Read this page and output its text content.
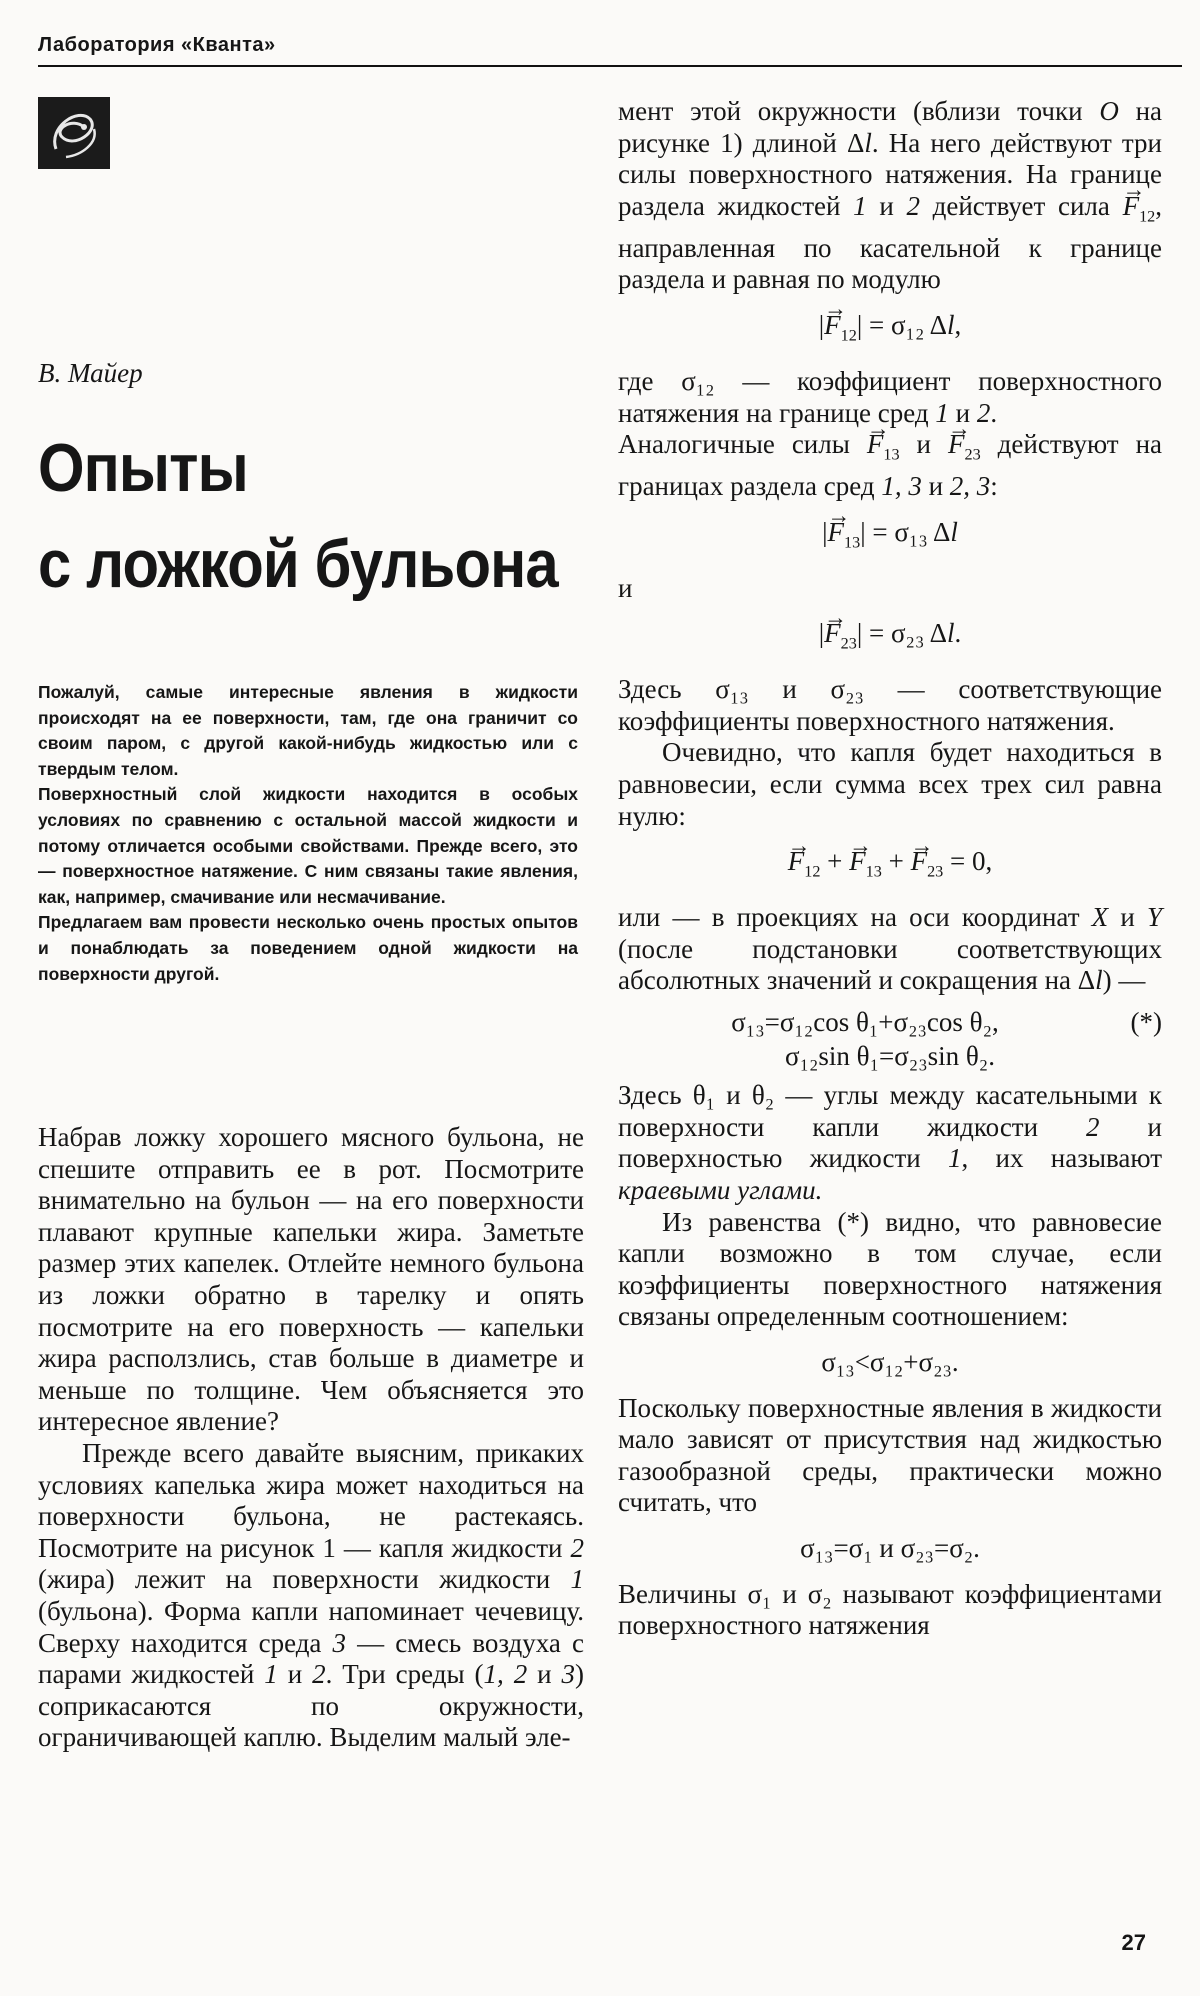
Лаборатория «Кванта»
В. Майер
Опыты
с ложкой бульона

Пожалуй, самые интересные явления в жидкости происходят на ее поверхности, там, где она граничит со своим паром, с другой какой-нибудь жидкостью или с твердым телом.

Поверхностный слой жидкости находится в особых условиях по сравнению с остальной массой жидкости и потому отличается особыми свойствами. Прежде всего, это — поверхностное натяжение. С ним связаны такие явления, как, например, смачивание или несмачивание.

Предлагаем вам провести несколько очень простых опытов и понаблюдать за поведением одной жидкости на поверхности другой.

Набрав ложку хорошего мясного бульона, не спешите отправить ее в рот. Посмотрите внимательно на бульон — на его поверхности плавают крупные капельки жира. Заметьте размер этих капелек. Отлейте немного бульона из ложки обратно в тарелку и опять посмотрите на его поверхность — капельки жира расползлись, став больше в диаметре и меньше по толщине. Чем объясняется это интересное явление?

Прежде всего давайте выясним, прикаких условиях капелька жира может находиться на поверхности бульона, не растекаясь. Посмотрите на рисунок 1 — капля жидкости 2 (жира) лежит на поверхности жидкости 1 (бульона). Форма капли напоминает чечевицу. Сверху находится среда 3 — смесь воздуха с парами жидкостей 1 и 2. Три среды (1, 2 и 3) соприкасаются по окружности, ограничивающей каплю. Выделим малый эле-

мент этой окружности (вблизи точки O на рисунке 1) длиной Δl. На него действуют три силы поверхностного натяжения. На границе раздела жидкостей 1 и 2 действует сила → $F_{12}$, направленная по касательной к границе раздела и равная по модулю

|→ $F_{12}| = \sigma_{12}$ Δl,

где σ₁₂ — коэффициент поверхностного натяжения на границе сред 1 и 2.

Аналогичные силы → $F_{13}$ $и \to F_{23}$ действуют на границах раздела сред 1, 3 и 2, 3:

|→ $F_{13}| = \sigma_{13}$ Δl

и

|→ $F_{23}| = \sigma_{23}$ Δl.

Здесь σ₁₃ и σ₂₃ — соответствующие коэффициенты поверхностного натяжения.

Очевидно, что капля будет находиться в равновесии, если сумма всех трех сил равна нулю:

→ $F_{12}$ + → $F_{13}$ + → $F_{23} = 0$,

или — в проекциях на оси координат X и Y (после подстановки соответствующих абсолютных значений и сокращения на Δl) —

σ₁₃=σ₁₂cos θ₁+σ₂₃cos θ₂,	(*)
σ₁₂sin θ₁=σ₂₃sin θ₂.

Здесь θ₁ и θ₂ — углы между касательными к поверхности капли жидкости 2 и поверхностью жидкости 1, их называют краевыми углами.

Из равенства (*) видно, что равновесие капли возможно в том случае, если коэффициенты поверхностного натяжения связаны определенным соотношением:

σ₁₃<σ₁₂+σ₂₃.

Поскольку поверхностные явления в жидкости мало зависят от присутствия над жидкостью газообразной среды, практически можно считать, что

σ₁₃=σ₁ и σ₂₃=σ₂.

Величины σ₁ и σ₂ называют коэффициентами поверхностного натяжения

27
